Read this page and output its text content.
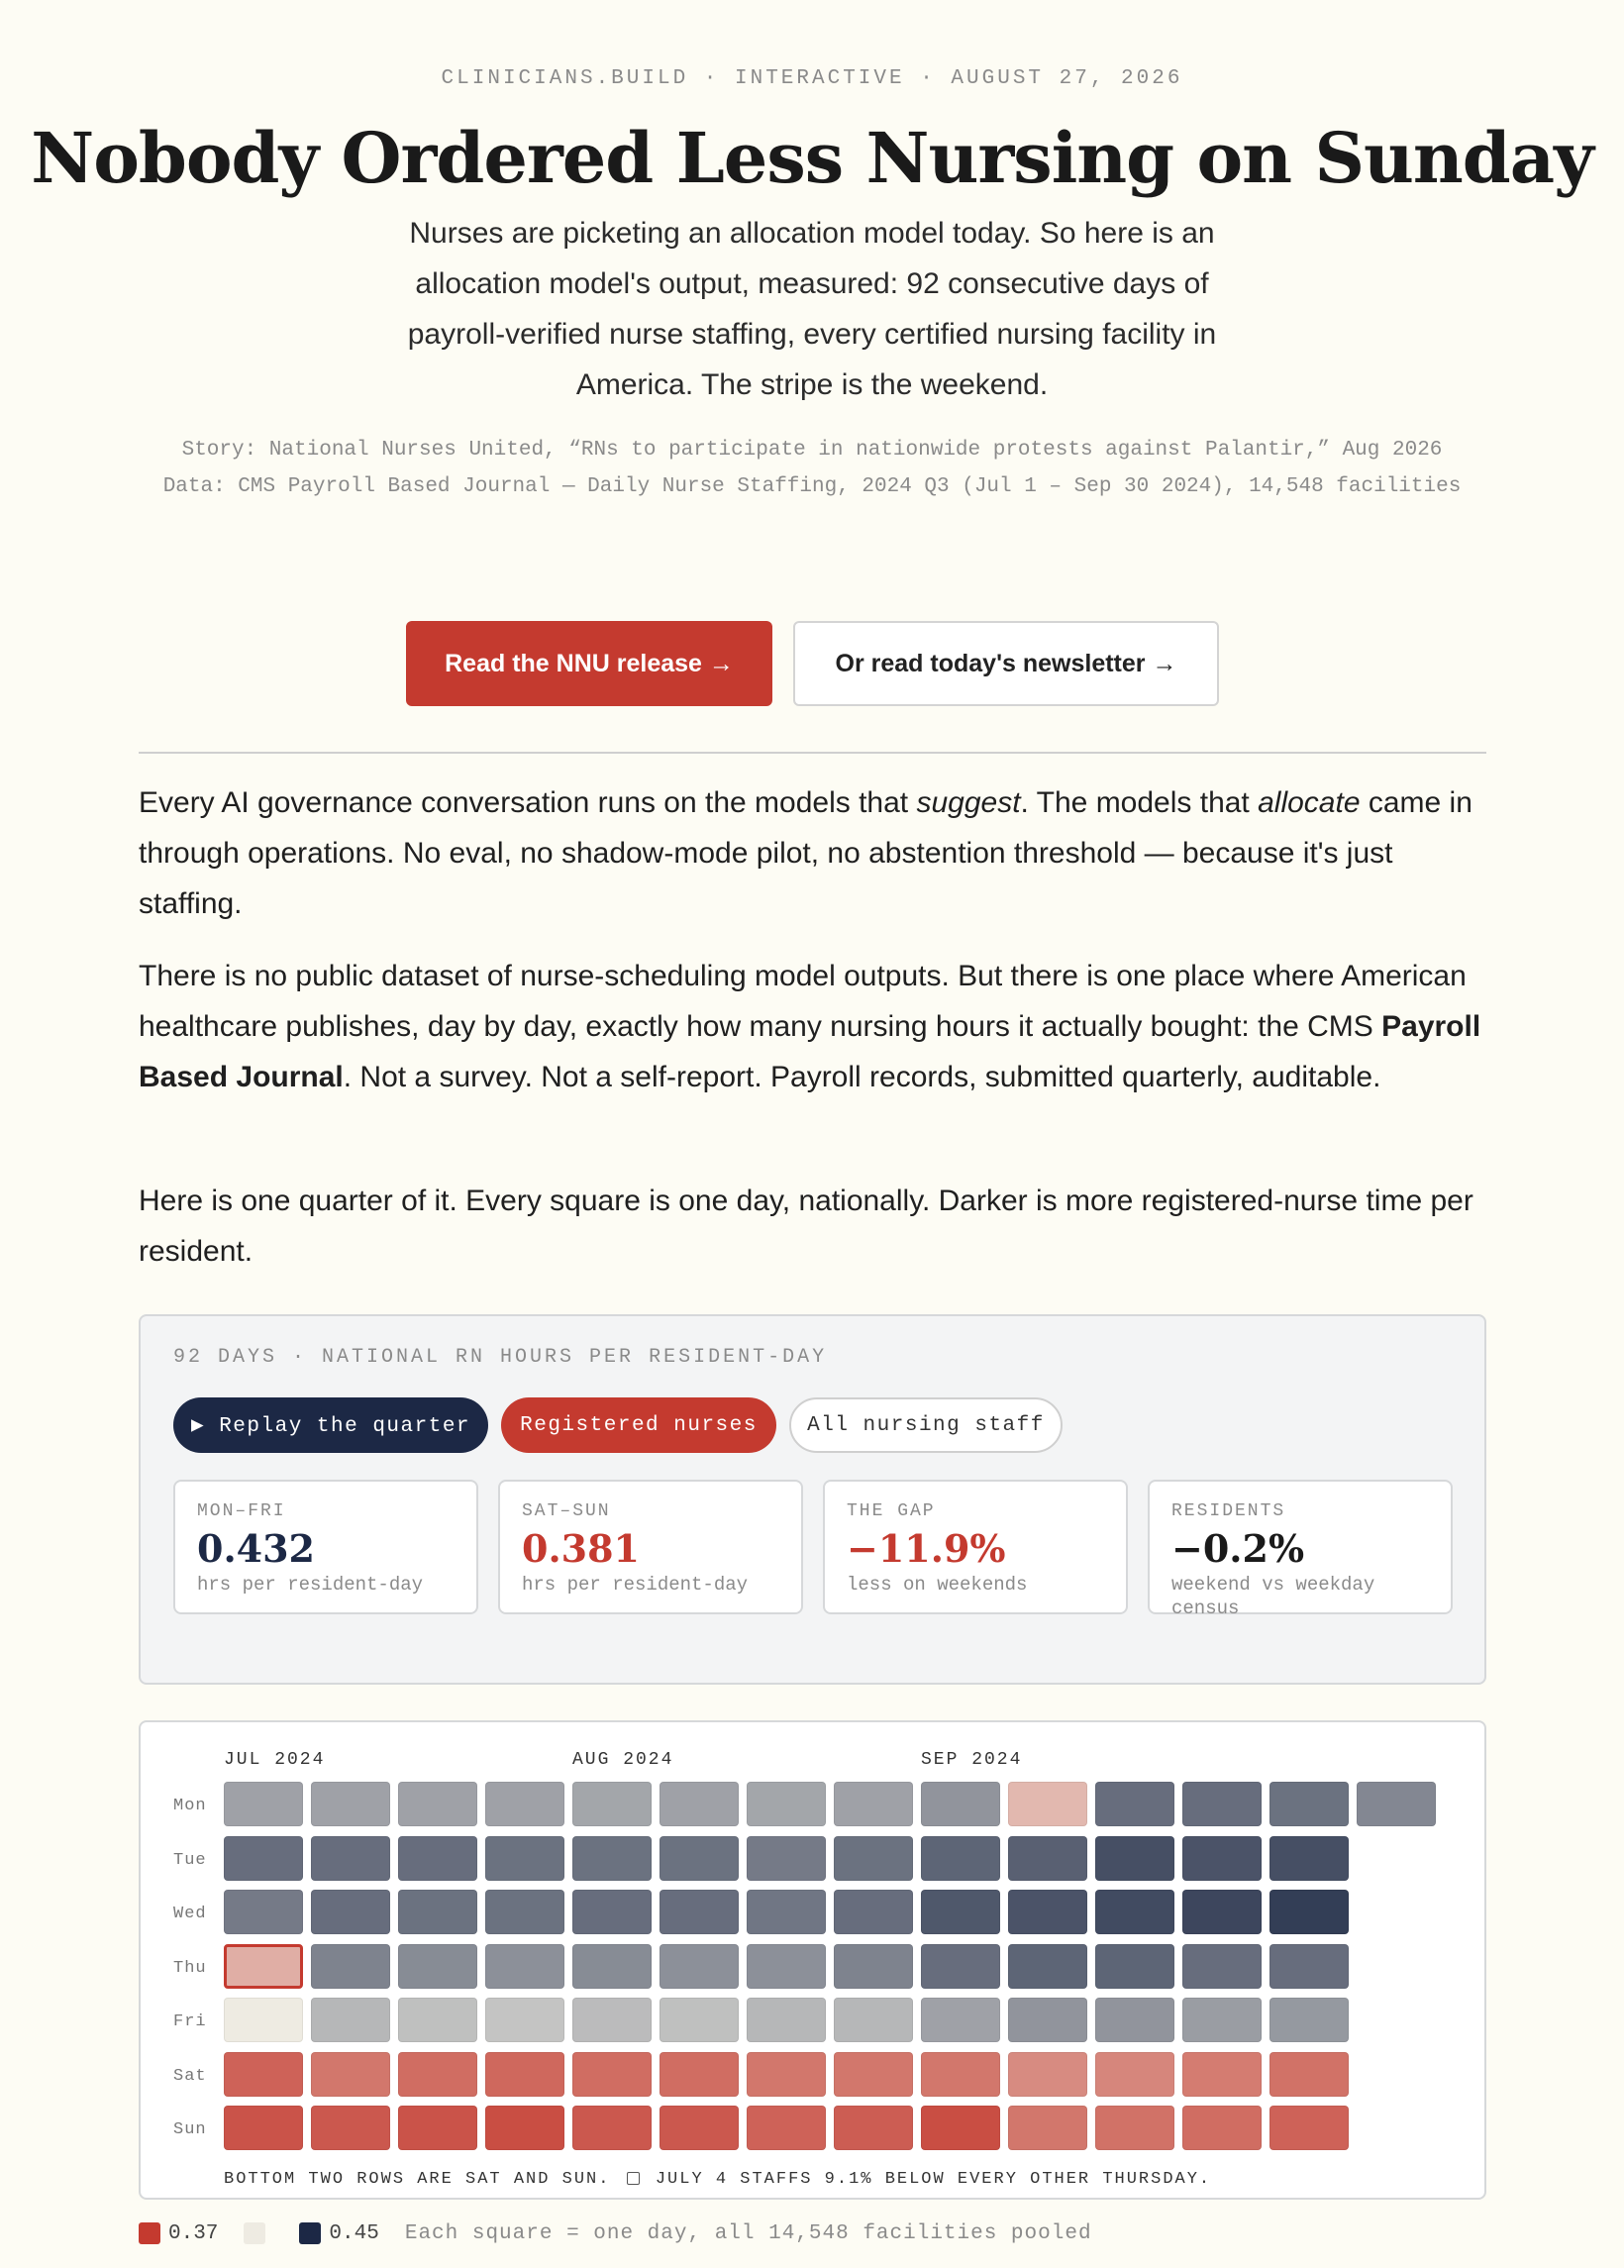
CLINICIANS.BUILD · INTERACTIVE · AUGUST 27, 2026
Nobody Ordered Less Nursing on Sunday
Nurses are picketing an allocation model today. So here is an allocation model's output, measured: 92 consecutive days of payroll-verified nurse staffing, every certified nursing facility in America. The stripe is the weekend.
Story: National Nurses United, “RNs to participate in nationwide protests against Palantir,” Aug 2026
Data: CMS Payroll Based Journal — Daily Nurse Staffing, 2024 Q3 (Jul 1 – Sep 30 2024), 14,548 facilities
Read the NNU release →	Or read today's newsletter →

Every AI governance conversation runs on the models that suggest. The models that allocate came in through operations. No eval, no shadow-mode pilot, no abstention threshold — because it's just staffing.

There is no public dataset of nurse-scheduling model outputs. But there is one place where American healthcare publishes, day by day, exactly how many nursing hours it actually bought: the CMS Payroll Based Journal. Not a survey. Not a self-report. Payroll records, submitted quarterly, auditable.

Here is one quarter of it. Every square is one day, nationally. Darker is more registered-nurse time per resident.

92 DAYS · NATIONAL RN HOURS PER RESIDENT-DAY
▶ Replay the quarter	Registered nurses	All nursing staff
MON–FRI
0.432
hrs per resident-day
SAT–SUN
0.381
hrs per resident-day
THE GAP
−11.9%
less on weekends
RESIDENTS
−0.2%
weekend vs weekday census
JUL 2024	AUG 2024	SEP 2024
Mon
Tue
Wed
Thu
Fri
Sat
Sun
BOTTOM TWO ROWS ARE SAT AND SUN.	JULY 4 STAFFS 9.1% BELOW EVERY OTHER THURSDAY.
0.37	0.45 Each square = one day, all 14,548 facilities pooled
